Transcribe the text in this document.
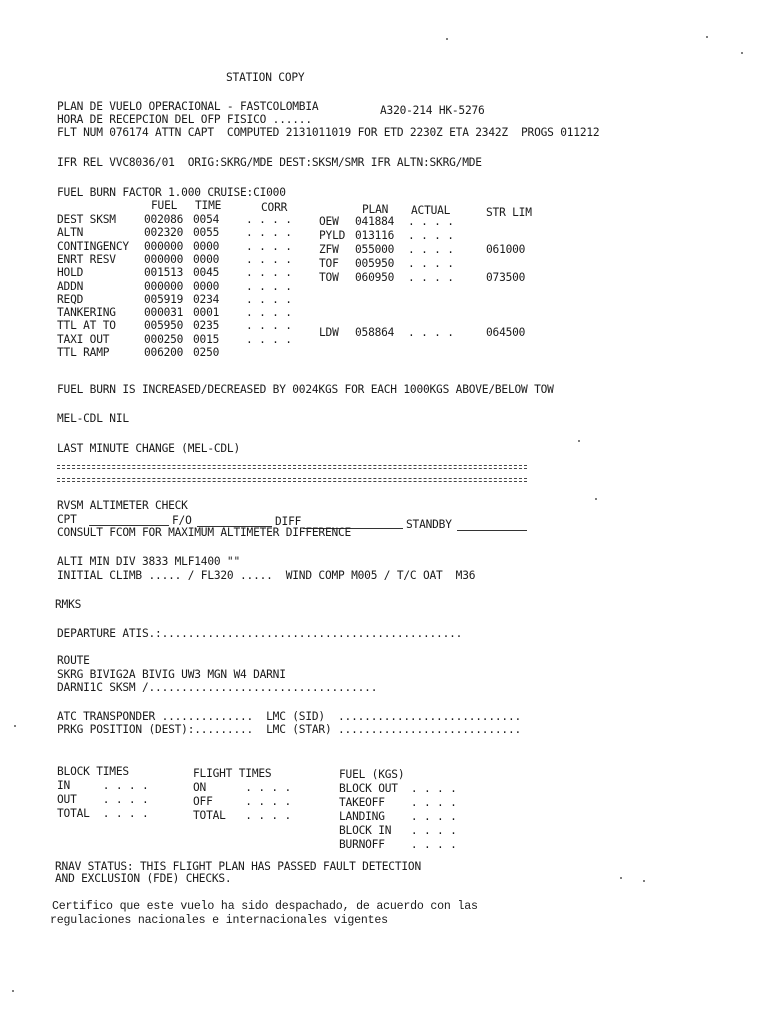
STATION COPY
PLAN DE VUELO OPERACIONAL - FASTCOLOMBIA	A320-214 HK-5276
HORA DE RECEPCION DEL OFP FISICO ......
FLT NUM 076174 ATTN CAPT  COMPUTED 2131011019 FOR ETD 2230Z ETA 2342Z  PROGS 011212
IFR REL VVC8036/01  ORIG:SKRG/MDE DEST:SKSM/SMR IFR ALTN:SKRG/MDE
FUEL BURN FACTOR 1.000 CRUISE:CI000
FUEL TIME	CORR	PLAN ACTUAL	STR LIM
DEST SKSM	002086 0054 . . . . OEW 041884 . . . .
ALTN	002320 0055 . . . . PYLD 013116 . . . .
CONTINGENCY 000000 0000 . . . . ZFW 055000 . . . .	061000
ENRT RESV	000000 0000 . . . . TOF 005950 . . . .
HOLD	001513 0045 . . . . TOW 060950 . . . .	073500
ADDN	000000 0000 . . . .
REQD	005919 0234 . . . .
TANKERING	000031 0001 . . . .
TTL AT TO	005950 0235 . . . .
LDW 058864 . . . .	064500
TAXI OUT	000250 0015 . . . .
TTL RAMP	006200 0250
FUEL BURN IS INCREASED/DECREASED BY 0024KGS FOR EACH 1000KGS ABOVE/BELOW TOW
MEL-CDL NIL
LAST MINUTE CHANGE (MEL-CDL)
RVSM ALTIMETER CHECK
CPT	F/O	DIFF	STANDBY
CONSULT FCOM FOR MAXIMUM ALTIMETER DIFFERENCE
ALTI MIN DIV 3833 MLF1400 ""
INITIAL CLIMB ..... / FL320 .....  WIND COMP M005 / T/C OAT  M36
RMKS
DEPARTURE ATIS.:..............................................
ROUTE
SKRG BIVIG2A BIVIG UW3 MGN W4 DARNI
DARNI1C SKSM /...................................
ATC TRANSPONDER ..............  LMC (SID)  ............................
PRKG POSITION (DEST):.........  LMC (STAR) ............................
BLOCK TIMES
IN     . . . .
OUT    . . . .
TOTAL  . . . .
FLIGHT TIMES
ON      . . . .
OFF     . . . .
TOTAL   . . . .
FUEL (KGS)
BLOCK OUT  . . . .
TAKEOFF    . . . .
LANDING    . . . .
BLOCK IN   . . . .
BURNOFF    . . . .
RNAV STATUS: THIS FLIGHT PLAN HAS PASSED FAULT DETECTION
AND EXCLUSION (FDE) CHECKS.
Certifico que este vuelo ha sido despachado, de acuerdo con las
regulaciones nacionales e internacionales vigentes
